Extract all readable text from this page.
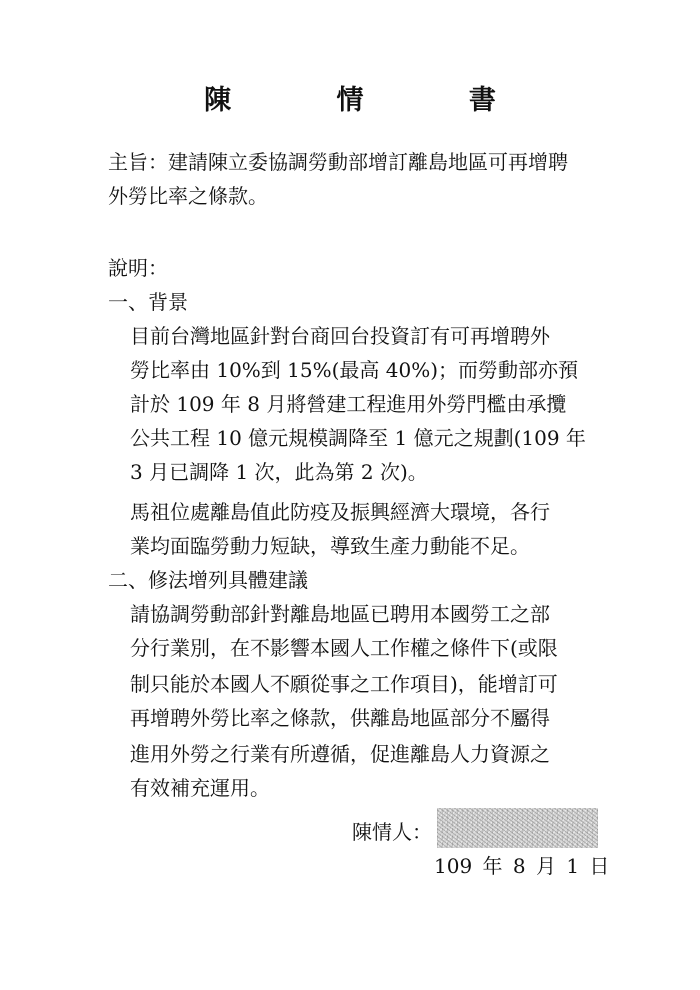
陳 情 書
主旨：建請陳立委協調勞動部增訂離島地區可再增聘
外勞比率之條款。
說明：
一、背景
目前台灣地區針對台商回台投資訂有可再增聘外
勞比率由 10%到 15%(最高 40%)；而勞動部亦預
計於 109 年 8 月將營建工程進用外勞門檻由承攬
公共工程 10 億元規模調降至 1 億元之規劃(109 年
3 月已調降 1 次，此為第 2 次)。
馬祖位處離島值此防疫及振興經濟大環境，各行
業均面臨勞動力短缺，導致生產力動能不足。
二、修法增列具體建議
請協調勞動部針對離島地區已聘用本國勞工之部
分行業別，在不影響本國人工作權之條件下(或限
制只能於本國人不願從事之工作項目)，能增訂可
再增聘外勞比率之條款，供離島地區部分不屬得
進用外勞之行業有所遵循，促進離島人力資源之
有效補充運用。
陳情人：
109 年 8 月 1 日
